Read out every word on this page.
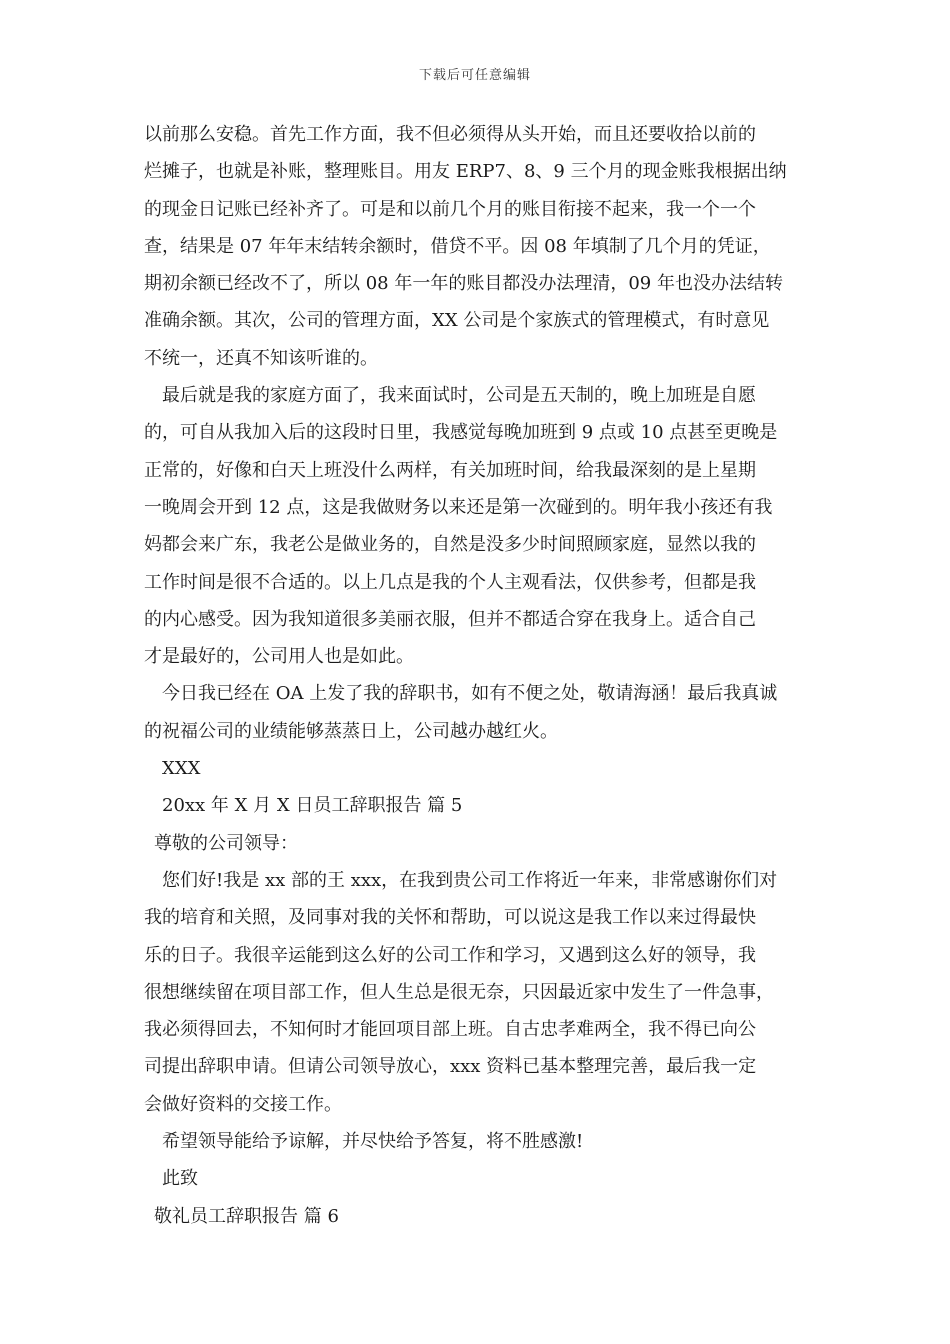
下载后可任意编辑
以前那么安稳。首先工作方面，我不但必须得从头开始，而且还要收拾以前的
烂摊子，也就是补账，整理账目。用友 ERP7、8、9 三个月的现金账我根据出纳
的现金日记账已经补齐了。可是和以前几个月的账目衔接不起来，我一个一个
查，结果是 07 年年末结转余额时，借贷不平。因 08 年填制了几个月的凭证，
期初余额已经改不了，所以 08 年一年的账目都没办法理清，09 年也没办法结转
准确余额。其次，公司的管理方面，XX 公司是个家族式的管理模式，有时意见
不统一，还真不知该听谁的。
最后就是我的家庭方面了，我来面试时，公司是五天制的，晚上加班是自愿
的，可自从我加入后的这段时日里，我感觉每晚加班到 9 点或 10 点甚至更晚是
正常的，好像和白天上班没什么两样，有关加班时间，给我最深刻的是上星期
一晚周会开到 12 点，这是我做财务以来还是第一次碰到的。明年我小孩还有我
妈都会来广东，我老公是做业务的，自然是没多少时间照顾家庭，显然以我的
工作时间是很不合适的。以上几点是我的个人主观看法，仅供参考，但都是我
的内心感受。因为我知道很多美丽衣服，但并不都适合穿在我身上。适合自己
才是最好的，公司用人也是如此。
今日我已经在 OA 上发了我的辞职书，如有不便之处，敬请海涵！最后我真诚
的祝福公司的业绩能够蒸蒸日上，公司越办越红火。
XXX
20xx 年 X 月 X 日员工辞职报告 篇 5
尊敬的公司领导：
您们好!我是 xx 部的王 xxx，在我到贵公司工作将近一年来，非常感谢你们对
我的培育和关照，及同事对我的关怀和帮助，可以说这是我工作以来过得最快
乐的日子。我很辛运能到这么好的公司工作和学习，又遇到这么好的领导，我
很想继续留在项目部工作，但人生总是很无奈，只因最近家中发生了一件急事，
我必须得回去，不知何时才能回项目部上班。自古忠孝难两全，我不得已向公
司提出辞职申请。但请公司领导放心，xxx 资料已基本整理完善，最后我一定
会做好资料的交接工作。
希望领导能给予谅解，并尽快给予答复，将不胜感激!
此致
敬礼员工辞职报告 篇 6
